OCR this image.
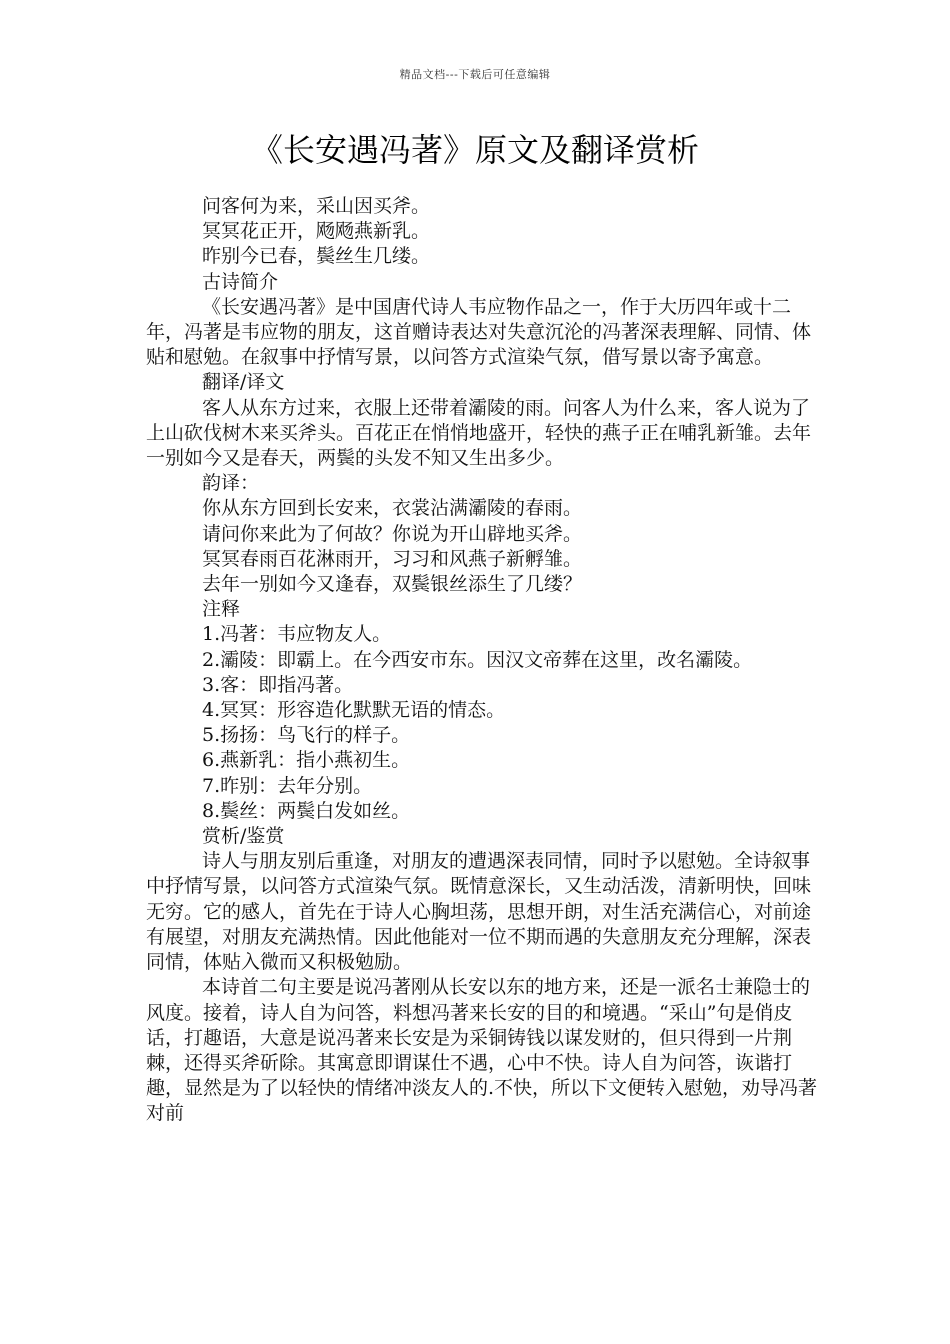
精品文档---下载后可任意编辑
《长安遇冯著》原文及翻译赏析

问客何为来，采山因买斧。

冥冥花正开，飏飏燕新乳。

昨别今已春，鬓丝生几缕。

古诗简介

《长安遇冯著》是中国唐代诗人韦应物作品之一，作于大历四年或十二年，冯著是韦应物的朋友，这首赠诗表达对失意沉沦的冯著深表理解、同情、体贴和慰勉。在叙事中抒情写景，以问答方式渲染气氛，借写景以寄予寓意。

翻译/译文

客人从东方过来，衣服上还带着灞陵的雨。问客人为什么来，客人说为了上山砍伐树木来买斧头。百花正在悄悄地盛开，轻快的燕子正在哺乳新雏。去年一别如今又是春天，两鬓的头发不知又生出多少。

韵译：

你从东方回到长安来，衣裳沾满灞陵的春雨。

请问你来此为了何故？你说为开山辟地买斧。

冥冥春雨百花淋雨开，习习和风燕子新孵雏。

去年一别如今又逢春，双鬓银丝添生了几缕？

注释

1.冯著：韦应物友人。

2.灞陵：即霸上。在今西安市东。因汉文帝葬在这里，改名灞陵。

3.客：即指冯著。

4.冥冥：形容造化默默无语的情态。

5.扬扬：鸟飞行的样子。

6.燕新乳：指小燕初生。

7.昨别：去年分别。

8.鬓丝：两鬓白发如丝。

赏析/鉴赏

诗人与朋友别后重逢，对朋友的遭遇深表同情，同时予以慰勉。全诗叙事中抒情写景，以问答方式渲染气氛。既情意深长，又生动活泼，清新明快，回味无穷。它的感人，首先在于诗人心胸坦荡，思想开朗，对生活充满信心，对前途有展望，对朋友充满热情。因此他能对一位不期而遇的失意朋友充分理解，深表同情，体贴入微而又积极勉励。

本诗首二句主要是说冯著刚从长安以东的地方来，还是一派名士兼隐士的风度。接着，诗人自为问答，料想冯著来长安的目的和境遇。“采山”句是俏皮话，打趣语，大意是说冯著来长安是为采铜铸钱以谋发财的，但只得到一片荆棘，还得买斧斫除。其寓意即谓谋仕不遇，心中不快。诗人自为问答，诙谐打趣，显然是为了以轻快的情绪冲淡友人的.不快，所以下文便转入慰勉，劝导冯著对前
